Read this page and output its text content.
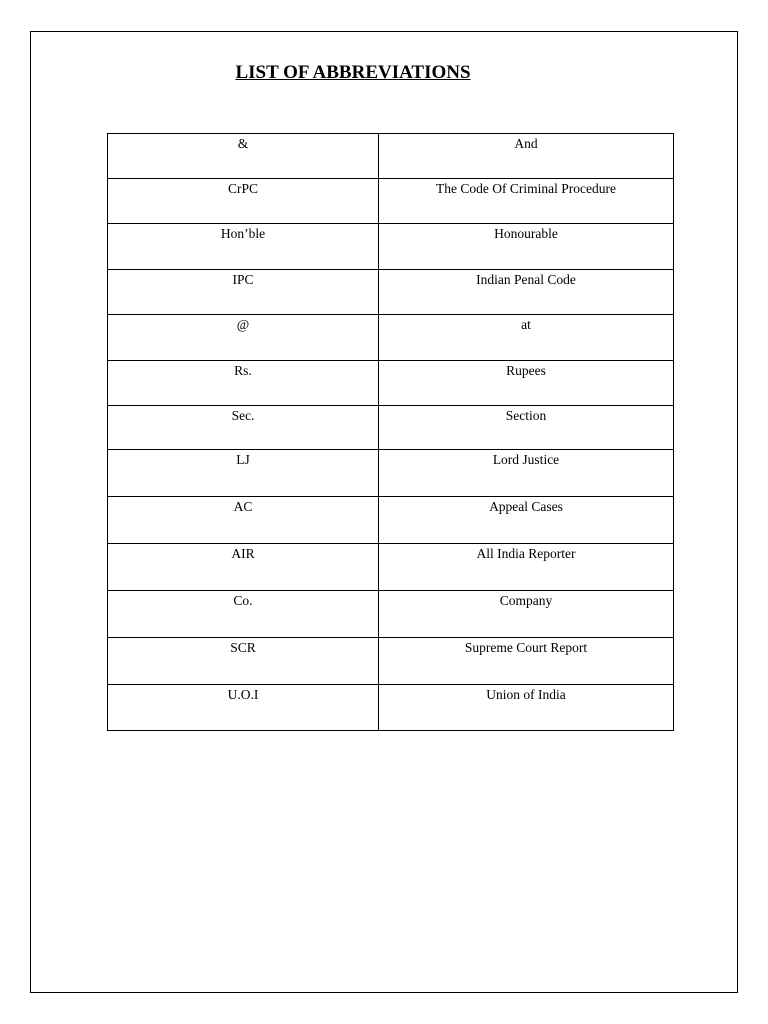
LIST OF ABBREVIATIONS
&	And
CrPC	The Code Of Criminal Procedure
Hon’ble	Honourable
IPC	Indian Penal Code
@	at
Rs.	Rupees
Sec.	Section
LJ	Lord Justice
AC	Appeal Cases
AIR	All India Reporter
Co.	Company
SCR	Supreme Court Report
U.O.I	Union of India
